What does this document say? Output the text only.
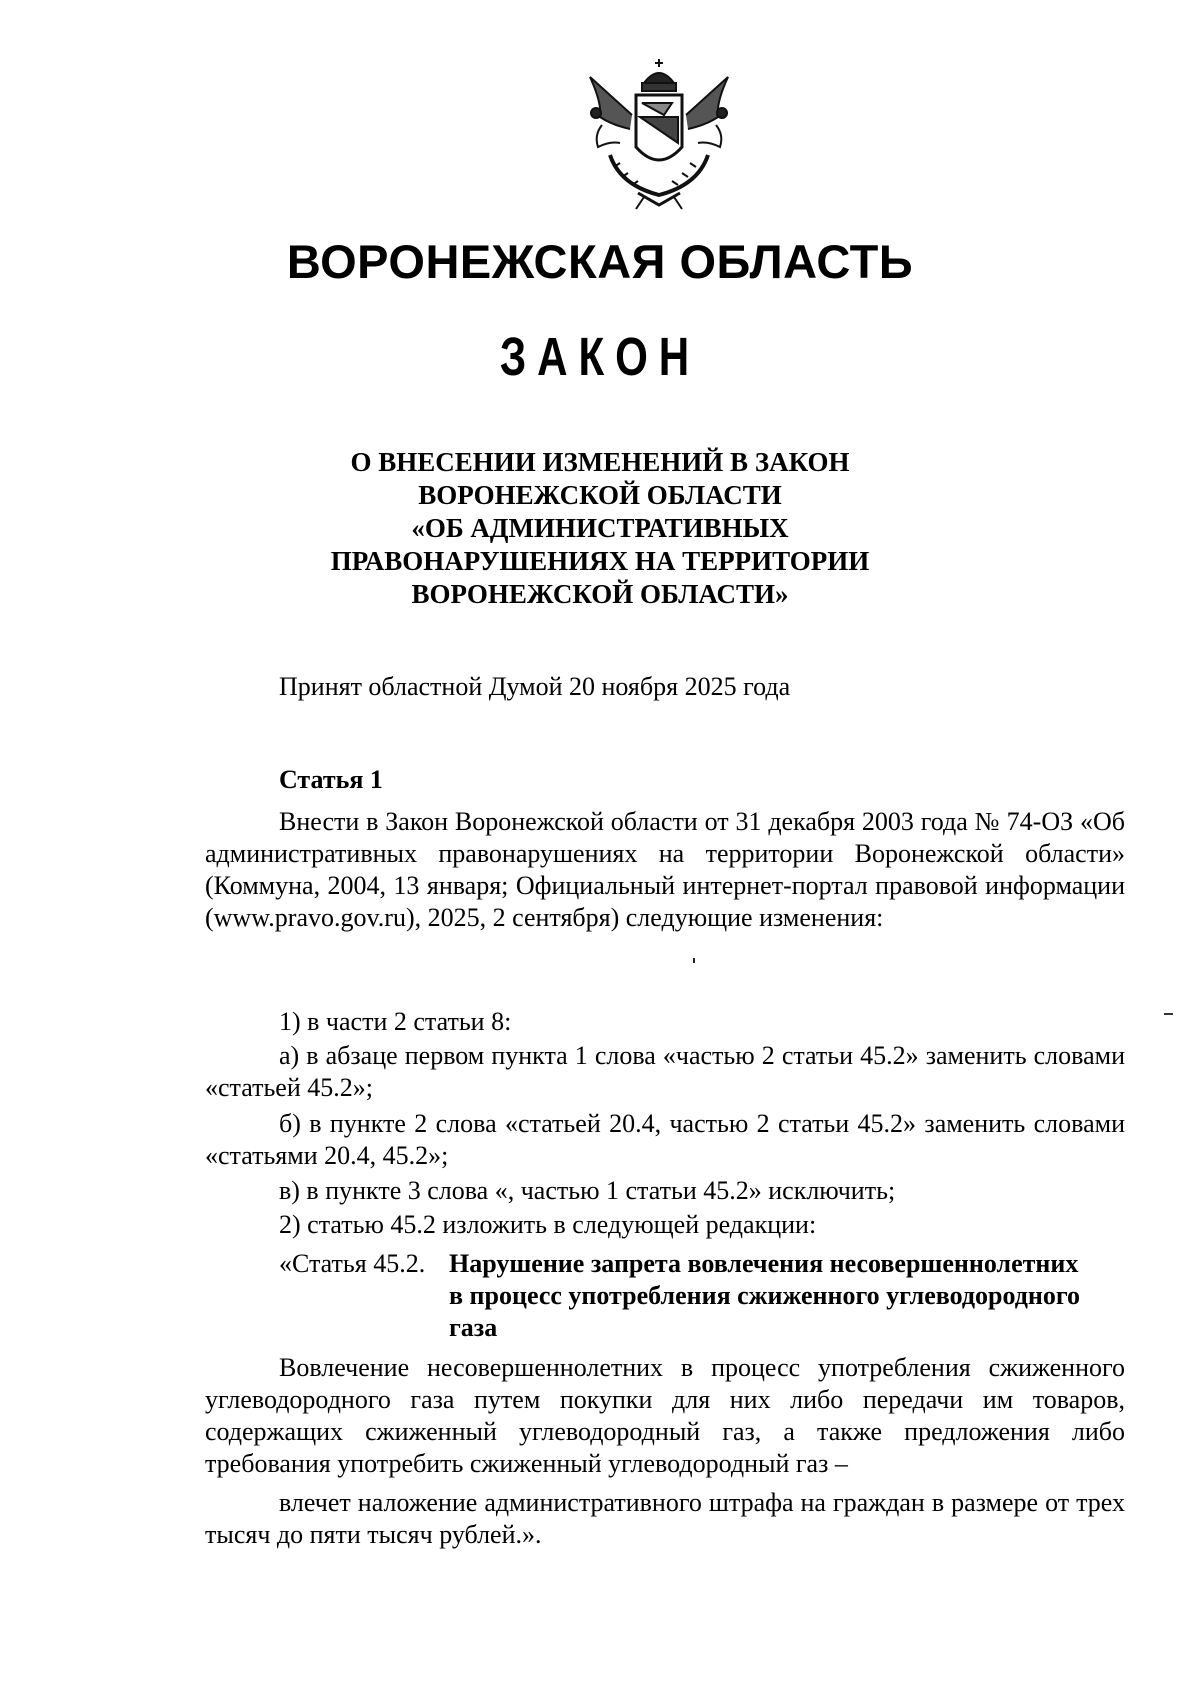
ВОРОНЕЖСКАЯ ОБЛАСТЬ
ЗАКОН
О ВНЕСЕНИИ ИЗМЕНЕНИЙ В ЗАКОН
ВОРОНЕЖСКОЙ ОБЛАСТИ
«ОБ АДМИНИСТРАТИВНЫХ
ПРАВОНАРУШЕНИЯХ НА ТЕРРИТОРИИ
ВОРОНЕЖСКОЙ ОБЛАСТИ»

Принят областной Думой 20 ноября 2025 года

Статья 1

Внести в Закон Воронежской области от 31 декабря 2003 года № 74-ОЗ «Об административных правонарушениях на территории Воронежской области» (Коммуна, 2004, 13 января; Официальный интернет-портал правовой информации (www.pravo.gov.ru), 2025, 2 сентября) следующие изменения:

1) в части 2 статьи 8:

а) в абзаце первом пункта 1 слова «частью 2 статьи 45.2» заменить словами «статьей 45.2»;

б) в пункте 2 слова «статьей 20.4, частью 2 статьи 45.2» заменить словами «статьями 20.4, 45.2»;

в) в пункте 3 слова «, частью 1 статьи 45.2» исключить;

2) статью 45.2 изложить в следующей редакции:

«Статья 45.2. Нарушение запрета вовлечения несовершеннолетних в процесс употребления сжиженного углеводородного газа

Вовлечение несовершеннолетних в процесс употребления сжиженного углеводородного газа путем покупки для них либо передачи им товаров, содержащих сжиженный углеводородный газ, а также предложения либо требования употребить сжиженный углеводородный газ –

влечет наложение административного штрафа на граждан в размере от трех тысяч до пяти тысяч рублей.».
